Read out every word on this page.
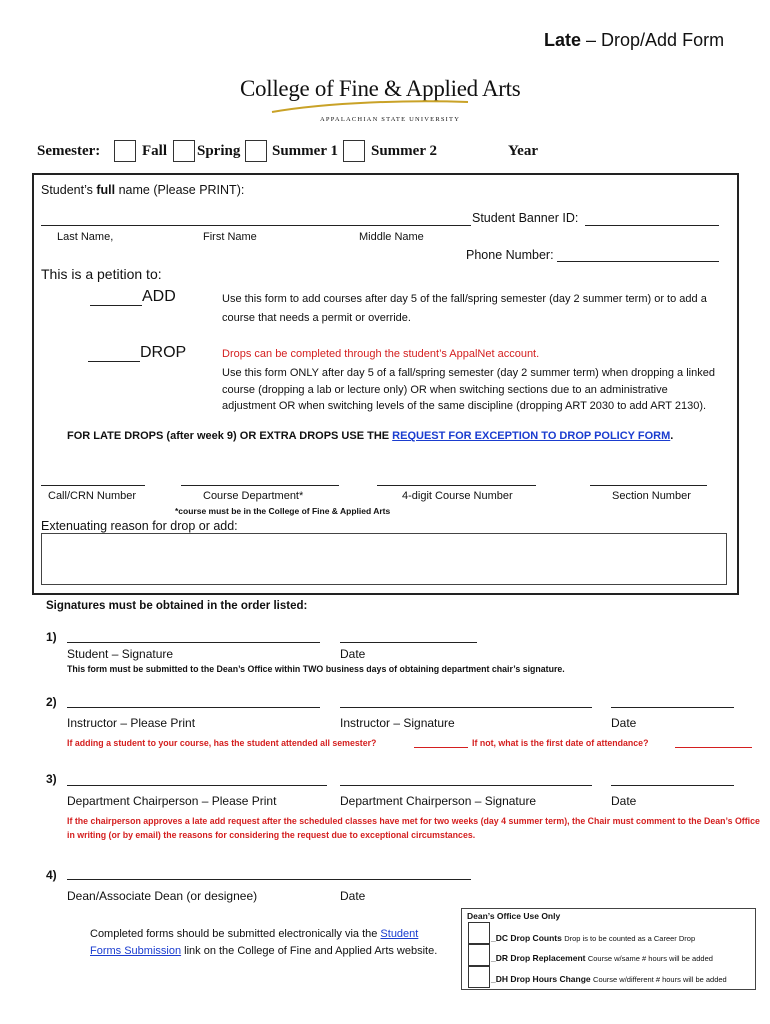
Late – Drop/Add Form
College of Fine & Applied Arts
APPALACHIAN STATE UNIVERSITY
Semester:	Fall Spring Summer 1 Summer 2	Year
Student’s full name (Please PRINT):
Student Banner ID:
Last Name,	First Name	Middle Name
Phone Number:
This is a petition to:
ADD	Use this form to add courses after day 5 of the fall/spring semester (day 2 summer term) or to add a course that needs a permit or override.
DROP	Drops can be completed through the student’s AppalNet account.
Use this form ONLY after day 5 of a fall/spring semester (day 2 summer term) when dropping a linked course (dropping a lab or lecture only) OR when switching sections due to an administrative adjustment OR when switching levels of the same discipline (dropping ART 2030 to add ART 2130).
FOR LATE DROPS (after week 9) OR EXTRA DROPS USE THE REQUEST FOR EXCEPTION TO DROP POLICY FORM.
Call/CRN Number	Course Department*
*course must be in the College of Fine & Applied Arts
4-digit Course Number	Section Number
Extenuating reason for drop or add:
Signatures must be obtained in the order listed:
1)
Student – Signature	Date
This form must be submitted to the Dean’s Office within TWO business days of obtaining department chair’s signature.
2)
Instructor – Please Print	Instructor – Signature	Date
If adding a student to your course, has the student attended all semester?	If not, what is the first date of attendance?
3)
Department Chairperson – Please Print	Department Chairperson – Signature	Date
If the chairperson approves a late add request after the scheduled classes have met for two weeks (day 4 summer term), the Chair must comment to the Dean’s Office in writing (or by email) the reasons for considering the request due to exceptional circumstances.
4)
Dean/Associate Dean (or designee)	Date
Completed forms should be submitted electronically via the Student Forms Submission link on the College of Fine and Applied Arts website.
Dean’s Office Use Only
_DC Drop Counts Drop is to be counted as a Career Drop
_DR Drop Replacement Course w/same # hours will be added
_DH Drop Hours Change Course w/different # hours will be added
